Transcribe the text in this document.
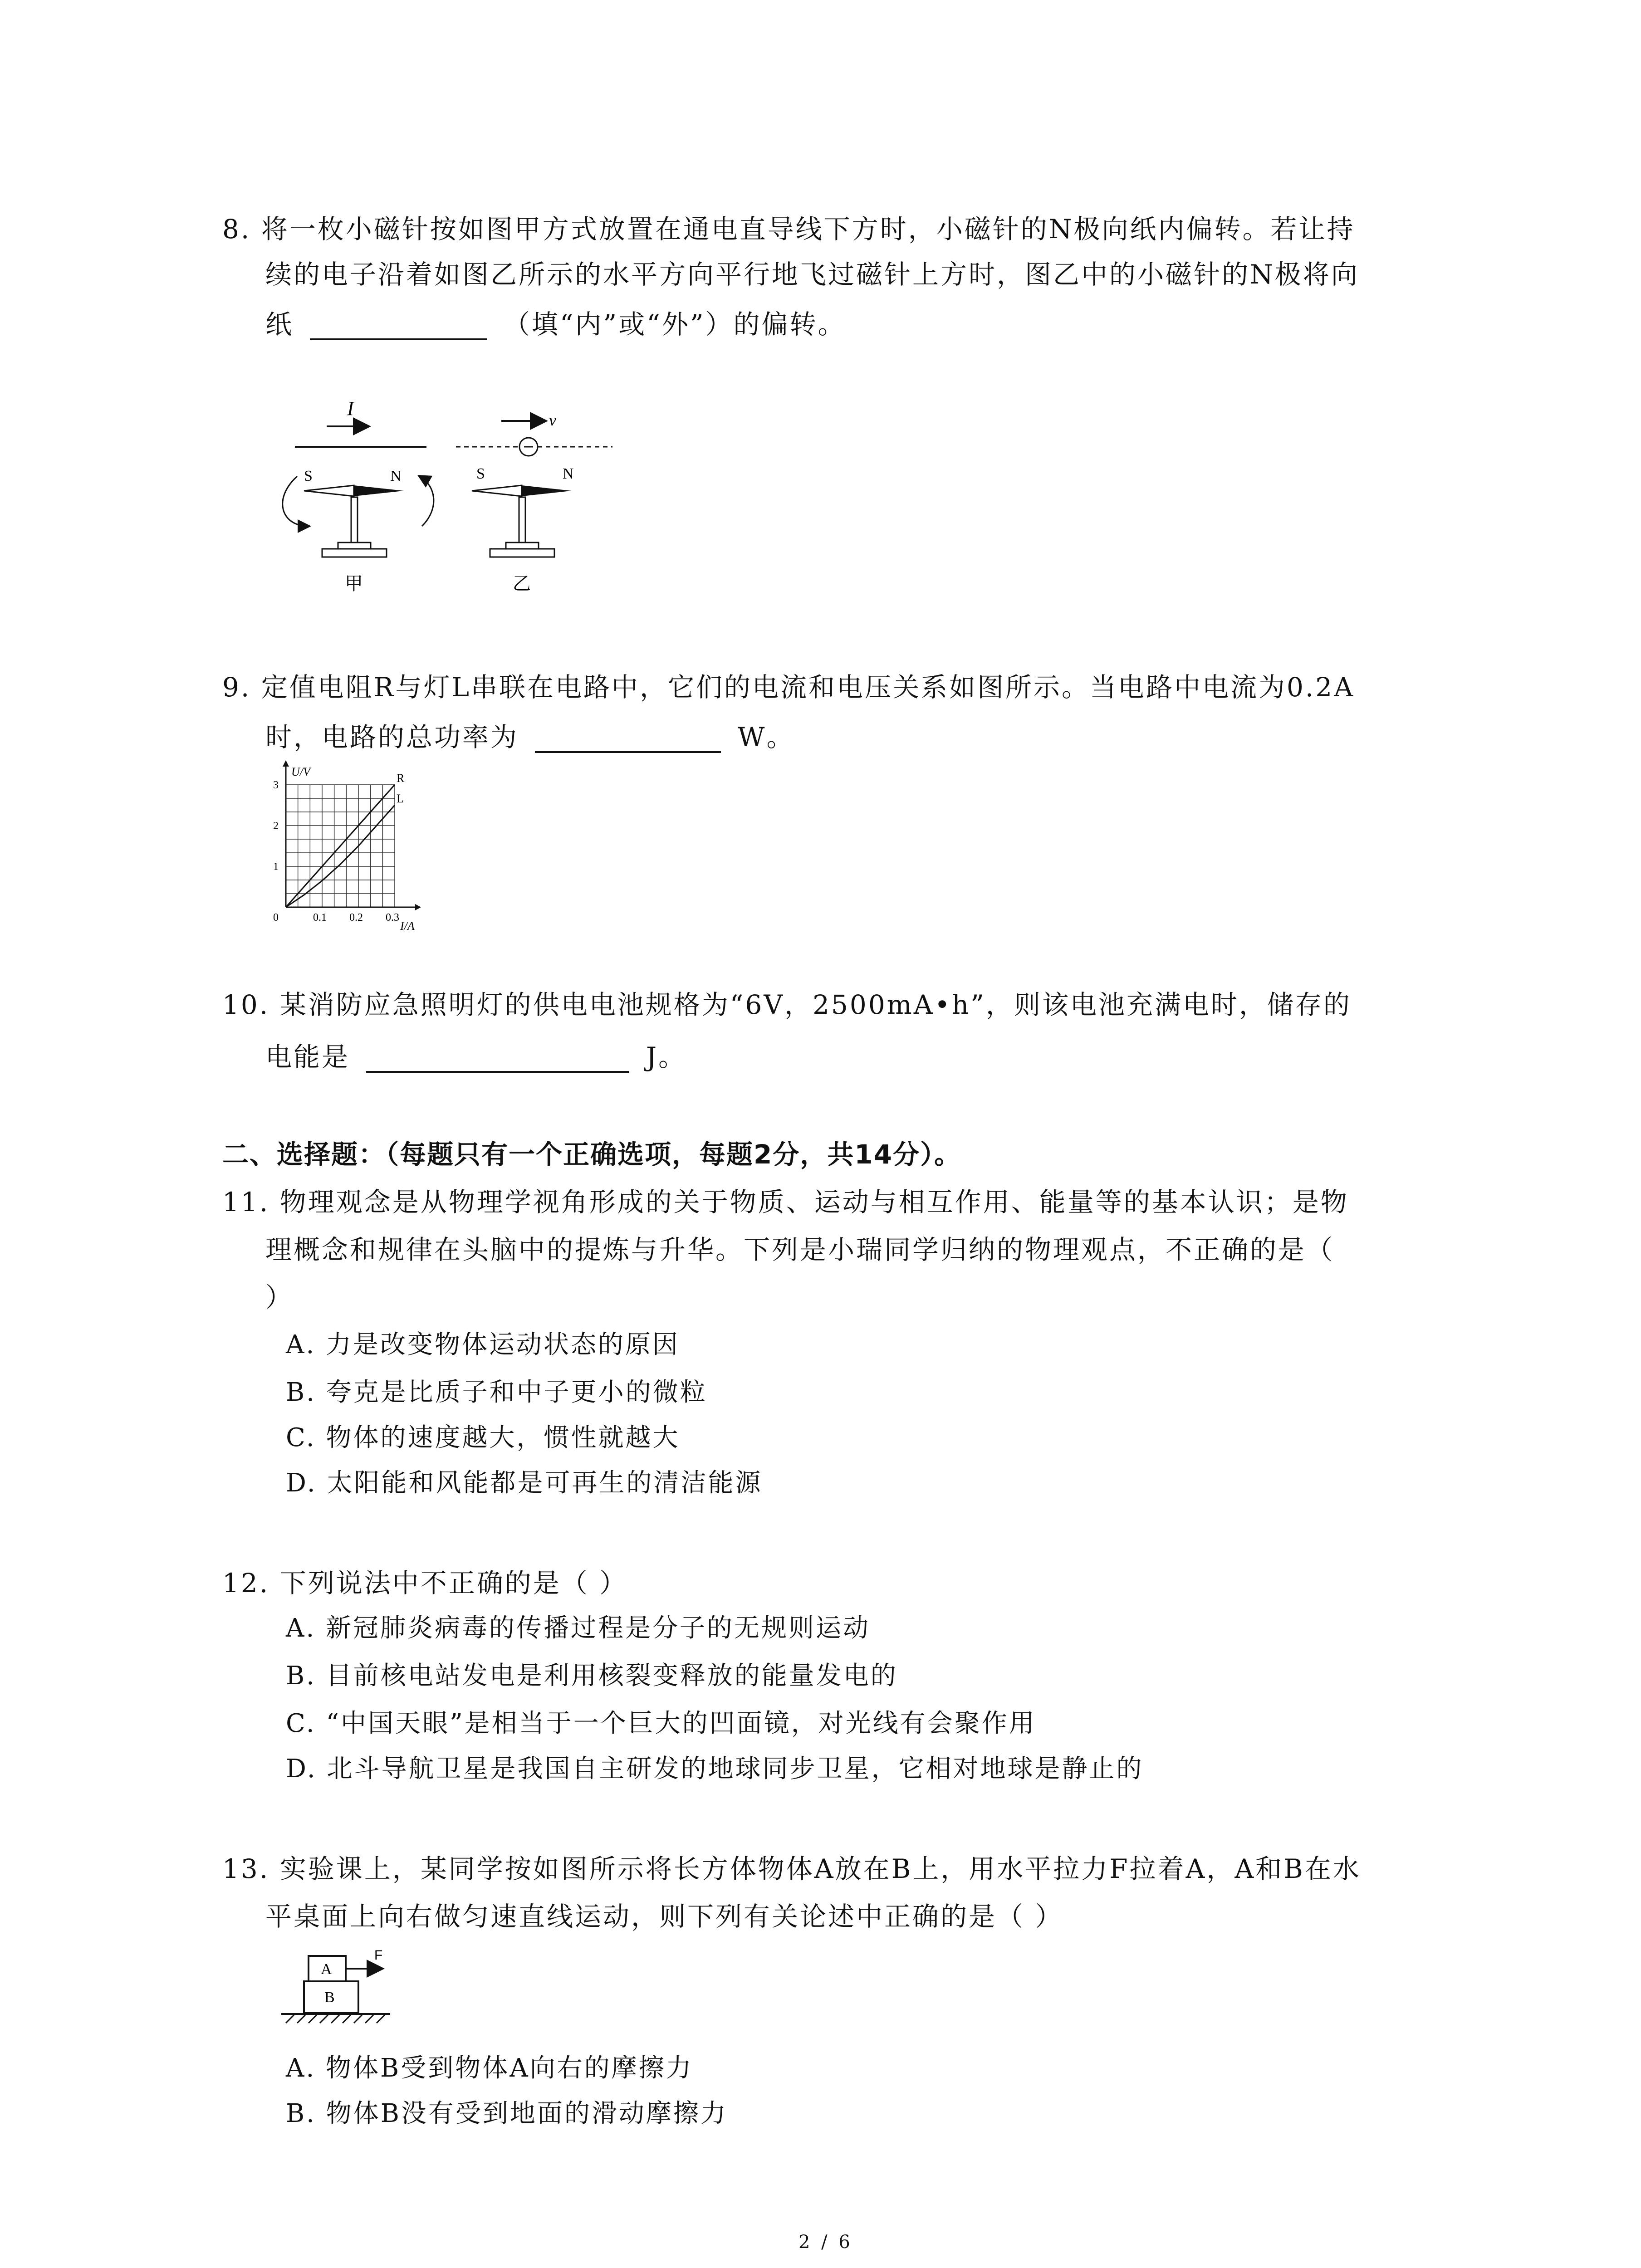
8. 将一枚小磁针按如图甲方式放置在通电直导线下方时，小磁针的N极向纸内偏转。若让持
续的电子沿着如图乙所示的水平方向平行地飞过磁针上方时，图乙中的小磁针的N极将向
纸	（填“内”或“外”）的偏转。
I
S	N
甲
v
S	N
乙
9. 定值电阻R与灯L串联在电路中，它们的电流和电压关系如图所示。当电路中电流为0.2A
时，电路的总功率为	W。
U/V
I/A
0	0.1 0.2 0.3
1
2
3
R
L
10. 某消防应急照明灯的供电电池规格为“6V，2500mA•h”，则该电池充满电时，储存的
电能是	J。
二、选择题：（每题只有一个正确选项，每题2分，共14分）。
11. 物理观念是从物理学视角形成的关于物质、运动与相互作用、能量等的基本认识；是物
理概念和规律在头脑中的提炼与升华。下列是小瑞同学归纳的物理观点，不正确的是（
）
A. 力是改变物体运动状态的原因
B. 夸克是比质子和中子更小的微粒
C. 物体的速度越大，惯性就越大
D. 太阳能和风能都是可再生的清洁能源
12. 下列说法中不正确的是（ ）
A. 新冠肺炎病毒的传播过程是分子的无规则运动
B. 目前核电站发电是利用核裂变释放的能量发电的
C. “中国天眼”是相当于一个巨大的凹面镜，对光线有会聚作用
D. 北斗导航卫星是我国自主研发的地球同步卫星，它相对地球是静止的
13. 实验课上，某同学按如图所示将长方体物体A放在B上，用水平拉力F拉着A，A和B在水
平桌面上向右做匀速直线运动，则下列有关论述中正确的是（ ）
A
B
F
A. 物体B受到物体A向右的摩擦力
B. 物体B没有受到地面的滑动摩擦力
2 / 6
